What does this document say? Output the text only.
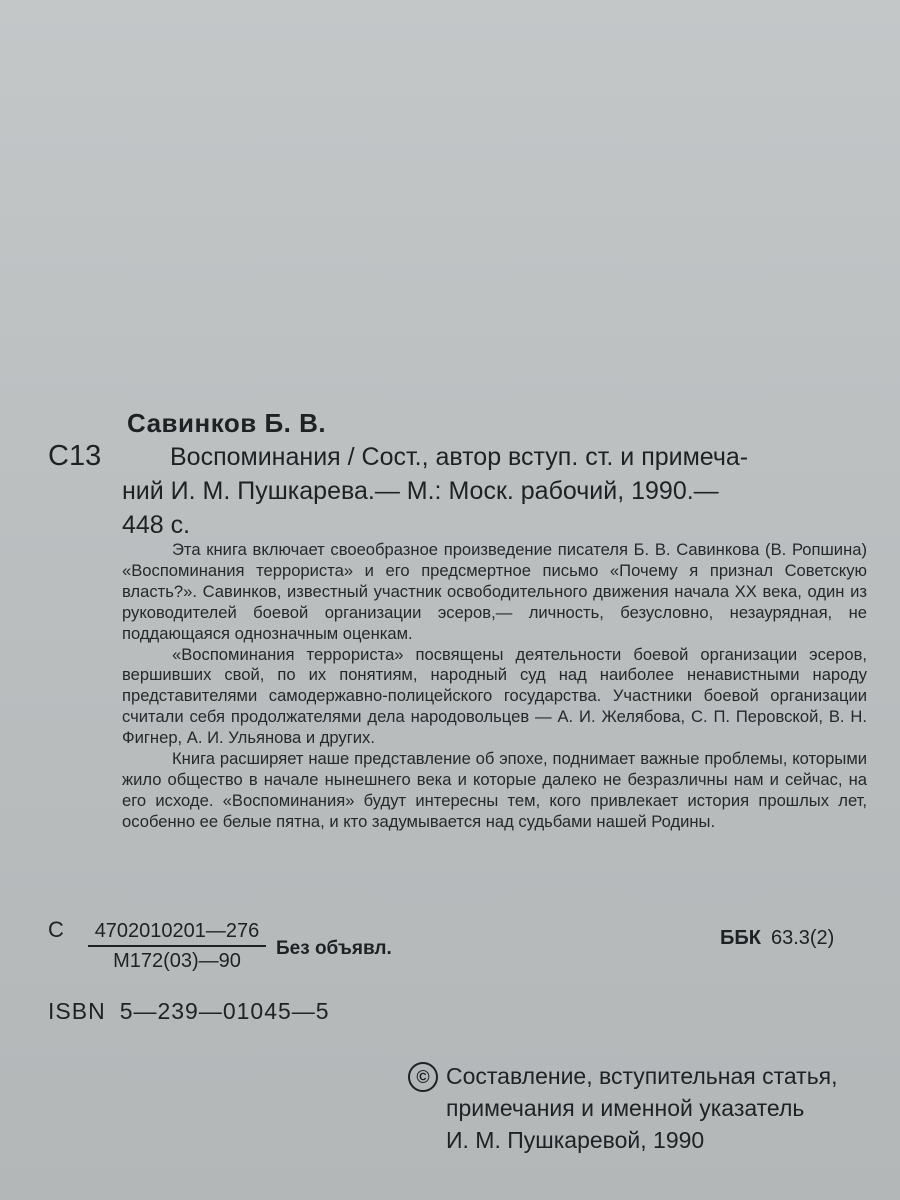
Савинков Б. В.
С13	Воспоминания / Сост., автор вступ. ст. и примеча-
ний И. М. Пушкарева.— М.: Моск. рабочий, 1990.—
448 с.

Эта книга включает своеобразное произведение писателя Б. В. Савинкова (В. Ропшина) «Воспоминания террориста» и его предсмертное письмо «Почему я признал Советскую власть?». Савинков, известный участник освободительного движения начала XX века, один из руководителей боевой организации эсеров,— личность, безусловно, незаурядная, не поддающаяся однозначным оценкам.

«Воспоминания террориста» посвящены деятельности боевой организации эсеров, вершивших свой, по их понятиям, народный суд над наиболее ненавистными народу представителями самодержавно-полицейского государства. Участники боевой организации считали себя продолжателями дела народовольцев — А. И. Желябова, С. П. Перовской, В. Н. Фигнер, А. И. Ульянова и других.

Книга расширяет наше представление об эпохе, поднимает важные проблемы, которыми жило общество в начале нынешнего века и которые далеко не безразличны нам и сейчас, на его исходе. «Воспоминания» будут интересны тем, кого привлекает история прошлых лет, особенно ее белые пятна, и кто задумывается над судьбами нашей Родины.

С	4702010201—276
М172(03)—90
Без объявл.	ББК 63.3(2)
ISBN 5—239—01045—5
© Составление, вступительная статья,
примечания и именной указатель
И. М. Пушкаревой, 1990
